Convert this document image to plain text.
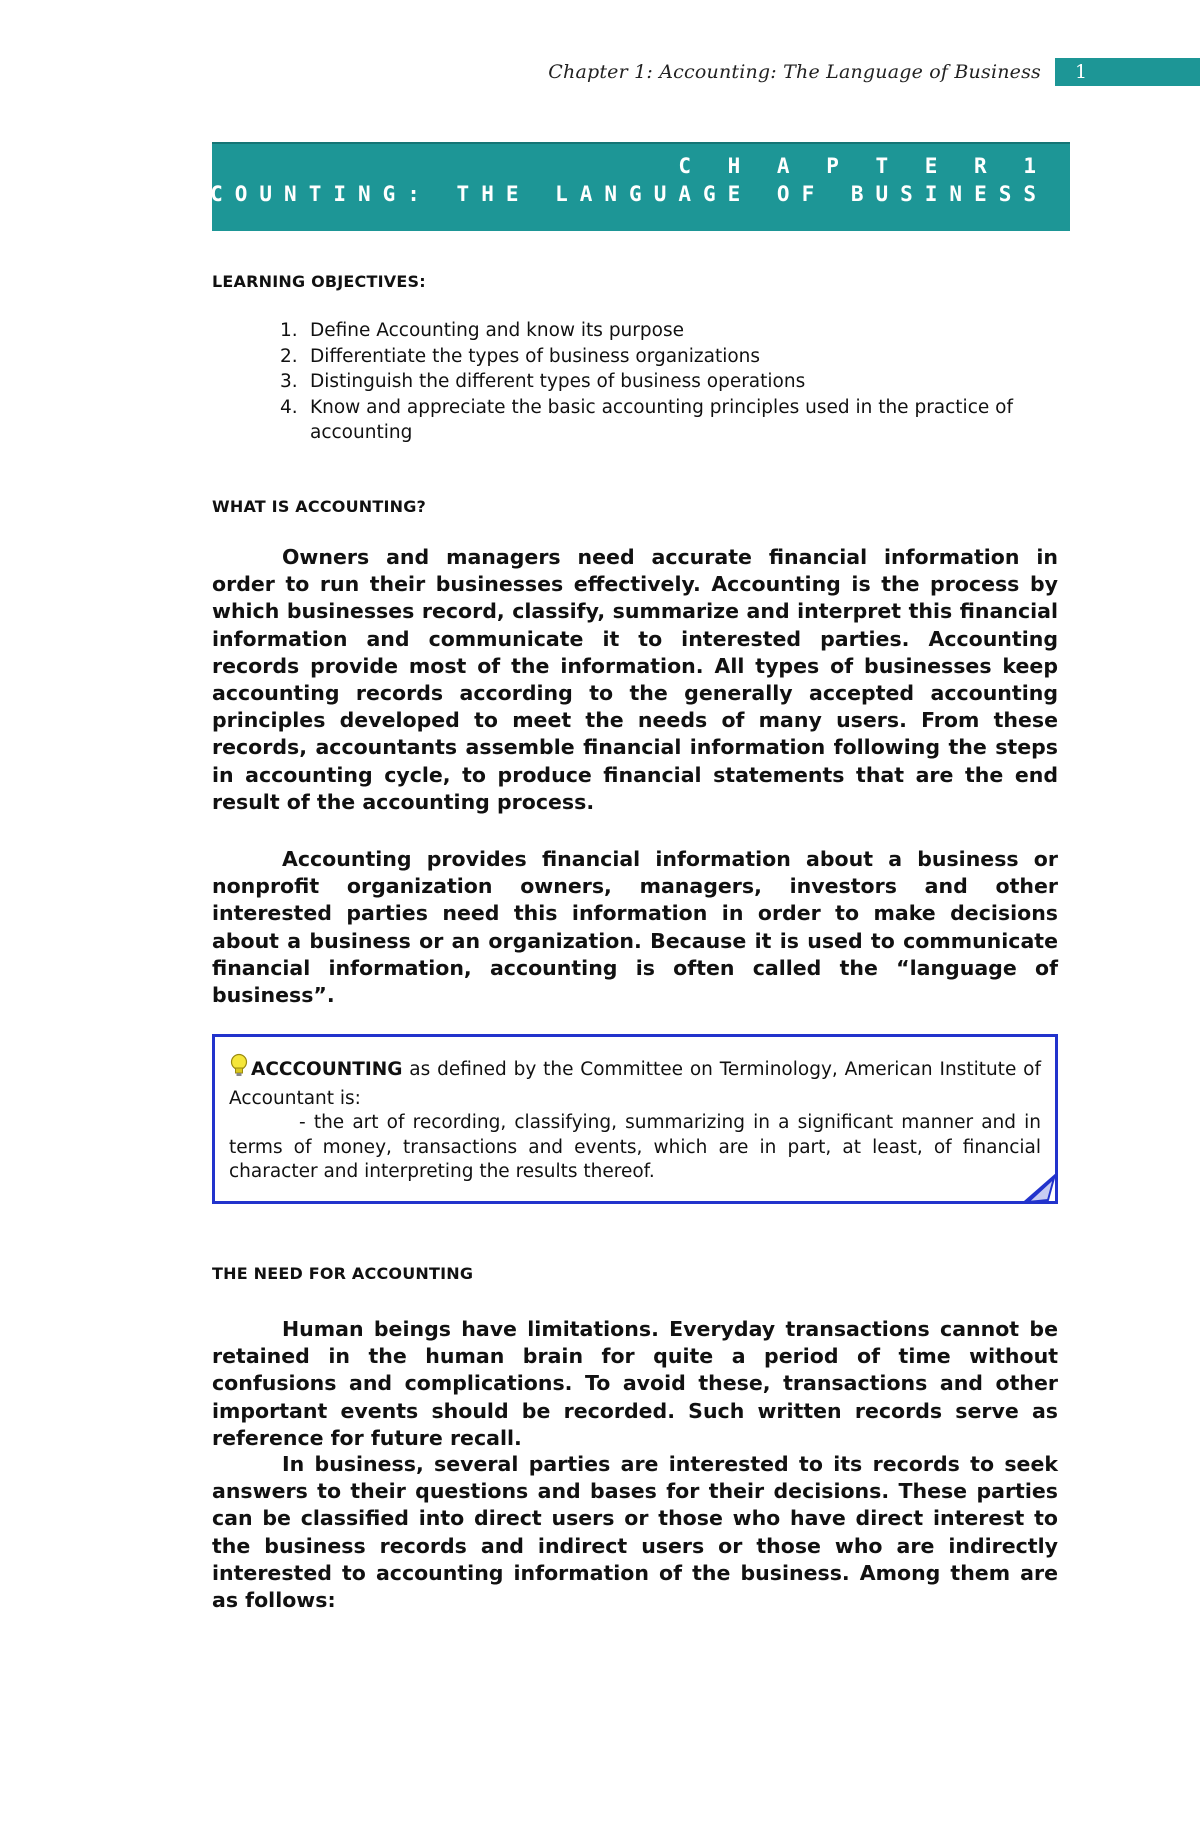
Chapter 1: Accounting: The Language of Business	1
C H A P T E R 1
ACCOUNTING: THE LANGUAGE OF BUSINESS
LEARNING OBJECTIVES:
1. Define Accounting and know its purpose
2. Differentiate the types of business organizations
3. Distinguish the different types of business operations
4. Know and appreciate the basic accounting principles used in the practice of accounting
WHAT IS ACCOUNTING?

Owners and managers need accurate financial information in order to run their businesses effectively. Accounting is the process by which businesses record, classify, summarize and interpret this financial information and communicate it to interested parties. Accounting records provide most of the information. All types of businesses keep accounting records according to the generally accepted accounting principles developed to meet the needs of many users. From these records, accountants assemble financial information following the steps in accounting cycle, to produce financial statements that are the end result of the accounting process.

Accounting provides financial information about a business or nonprofit organization owners, managers, investors and other interested parties need this information in order to make decisions about a business or an organization. Because it is used to communicate financial information, accounting is often called the “language of business”.

ACCCOUNTING as defined by the Committee on Terminology, American Institute of Accountant is:

- the art of recording, classifying, summarizing in a significant manner and in terms of money, transactions and events, which are in part, at least, of financial character and interpreting the results thereof.

THE NEED FOR ACCOUNTING

Human beings have limitations. Everyday transactions cannot be retained in the human brain for quite a period of time without confusions and complications. To avoid these, transactions and other important events should be recorded. Such written records serve as reference for future recall.

In business, several parties are interested to its records to seek answers to their questions and bases for their decisions. These parties can be classified into direct users or those who have direct interest to the business records and indirect users or those who are indirectly interested to accounting information of the business. Among them are as follows:
